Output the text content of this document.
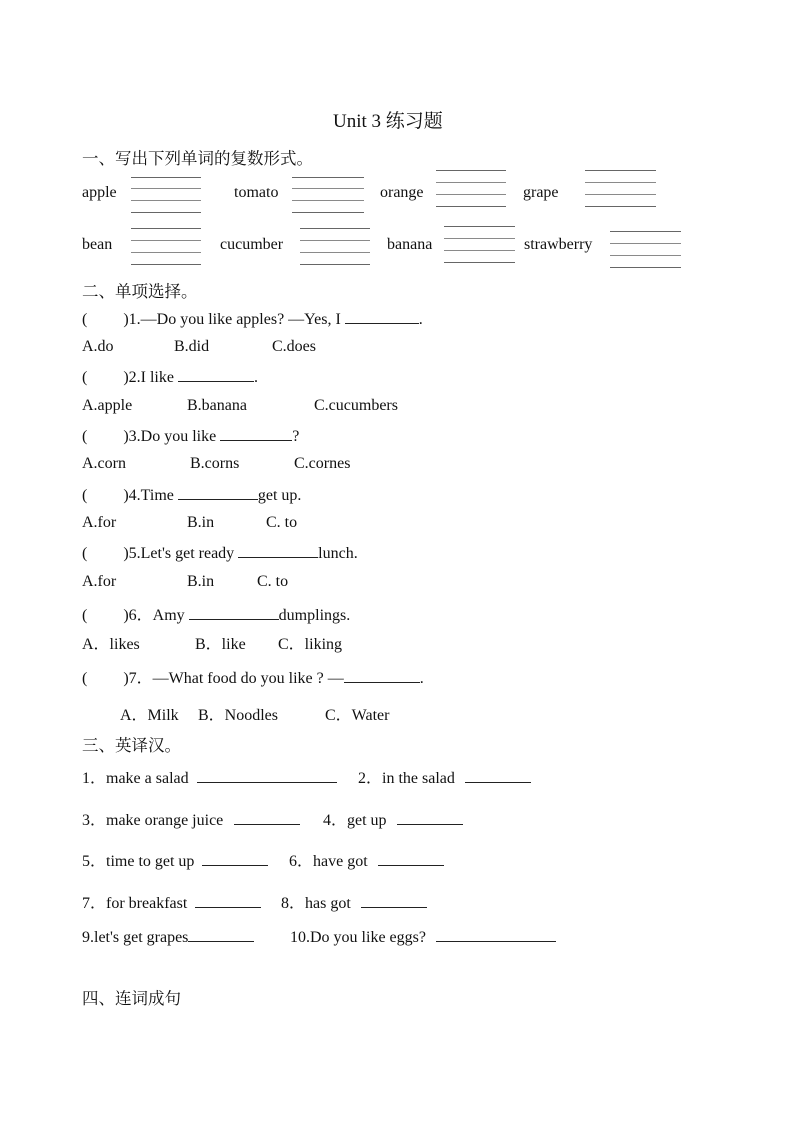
Unit 3 练习题
一、写出下列单词的复数形式。
apple	tomato	orange	grape
bean	cucumber	banana	strawberry
二、单项选择。
( )1.—Do you like apples? —Yes, I	.
A.do	B.did	C.does
( )2.I like	.
A.apple	B.banana	C.cucumbers
( )3.Do you like	?
A.corn	B.corns	C.cornes
( )4.Time	get up.
A.for	B.in	C. to
( )5.Let's get ready	lunch.
A.for	B.in	C. to
( )6．Amy	dumplings.
A．likes	B．like C．liking
( )7．—What food do you like ? —	.
A．Milk B．Noodles	C．Water
三、英译汉。
1．make a salad	2．in the salad
3．make orange juice	4．get up
5．time to get up	6．have got
7．for breakfast	8．has got
9.let's get grapes	10.Do you like eggs?
四、连词成句
